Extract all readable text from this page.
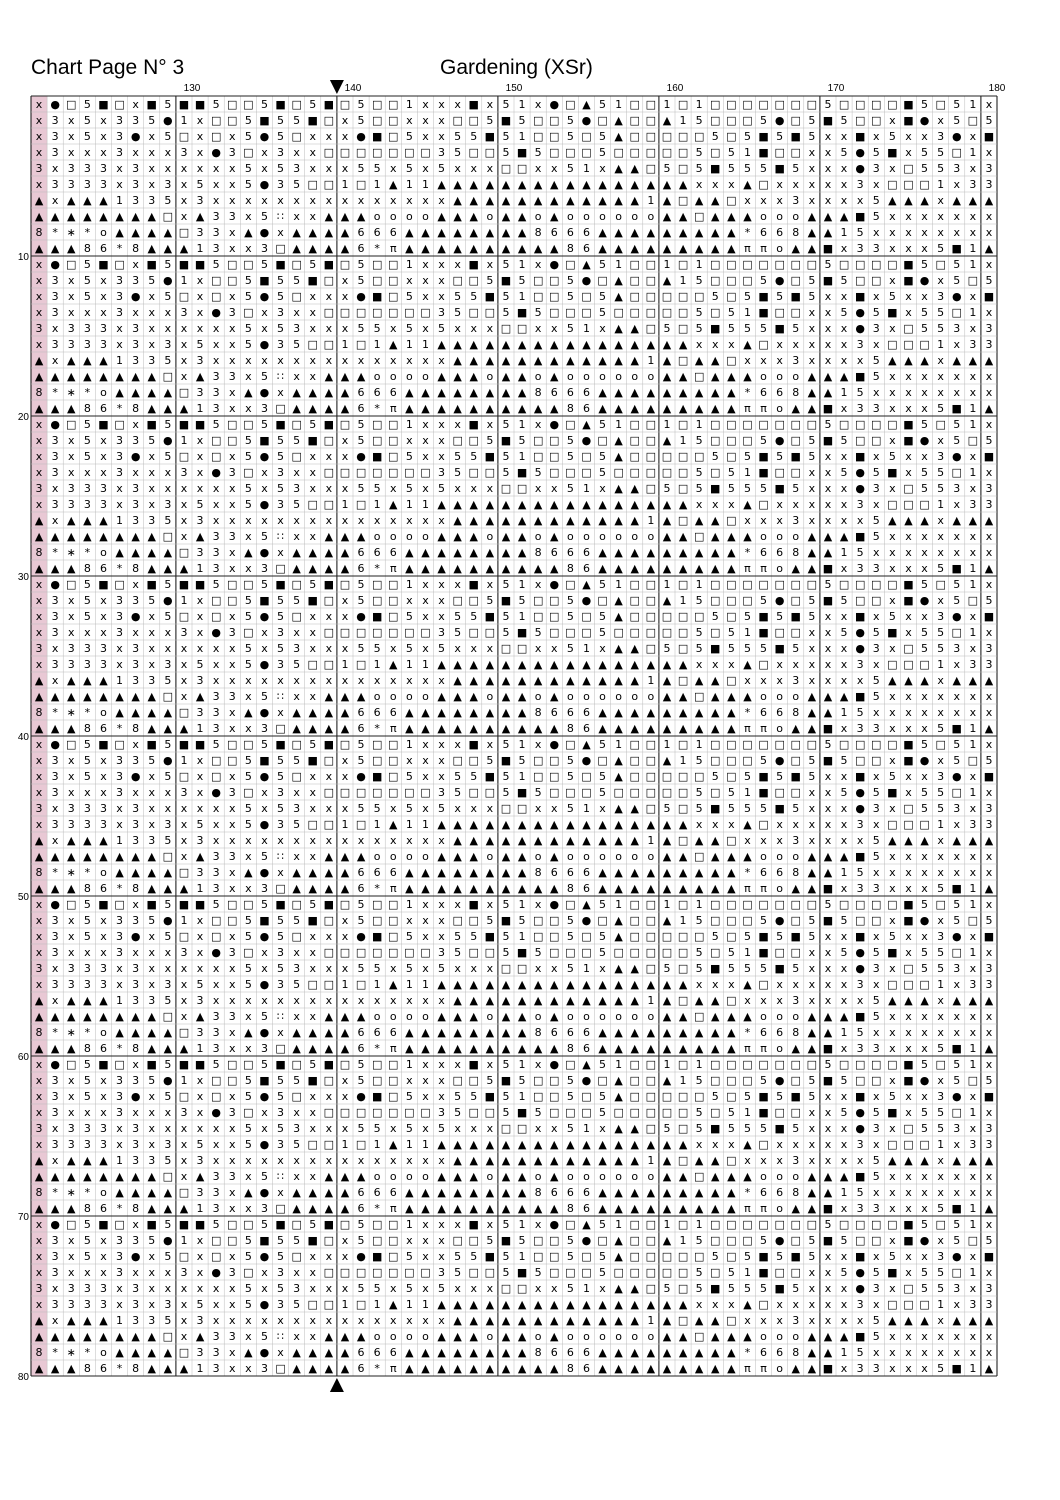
Chart Page N° 3	Gardening (XSr)
x ● □ 5 ■ □ x ■ 5 ■ ■ 5 □ □ 5 ■ □ 5 ■ □ 5 □ □ 1 x x x ■ x 5 1 x ● □ ▲ 5 1 □ □ 1 □ 1 □ □ □ □ □ □ □ 5 □ □ □ □ ■ 5 □ 5 1 x
x 3 x 5 x 3 3 5 ● 1 x □ □ 5 ■ 5 5 ■ □ x 5 □ □ x x x □ □ 5 ■ 5 □ □ 5 ● □ ▲ □ □ ▲ 1 5 □ □ □ 5 ● □ 5 ■ 5 □ □ x ■ ● x 5 □ 5
x 3 x 5 x 3 ● x 5 □ x □ x 5 ● 5 □ x x x ● ■ □ 5 x x 5 5 ■ 5 1 □ □ 5 □ 5 ▲ □ □ □ □ □ 5 □ 5 ■ 5 ■ 5 x x ■ x 5 x x 3 ● x ■
x 3 x x x 3 x x x 3 x ● 3 □ x 3 x x □ □ □ □ □ □ □ 3 5 □ □ 5 ■ 5 □ □ □ 5 □ □ □ □ □ 5 □ 5 1 ■ □ □ x x 5 ● 5 ■ x 5 5 □ 1 x
3 x 3 3 3 x 3 x x x x x x 5 x 5 3 x x x 5 5 x 5 x 5 x x x □ □ x x 5 1 x ▲ ▲ □ 5 □ 5 ■ 5 5 5 ■ 5 x x x ● 3 x □ 5 5 3 x 3
x 3 3 3 3 x 3 x 3 x 5 x x 5 ● 3 5 □ □ 1 □ 1 ▲ 1 1 ▲ ▲ ▲ ▲ ▲ ▲ ▲ ▲ ▲ ▲ ▲ ▲ ▲ ▲ ▲ ▲ x x x ▲ □ x x x x x 3 x □ □ □ 1 x 3 3
▲ x ▲ ▲ ▲ 1 3 3 5 x 3 x x x x x x x x x x x x x x x ▲ ▲ ▲ ▲ ▲ ▲ ▲ ▲ ▲ ▲ ▲ ▲ 1 ▲ □ ▲ ▲ □ x x x 3 x x x x 5 ▲ ▲ ▲ x ▲ ▲ ▲
▲ ▲ ▲ ▲ ▲ ▲ ▲ ▲ □ x ▲ 3 3 x 5 ∷ x x ▲ ▲ ▲ o o o o ▲ ▲ ▲ o ▲ ▲ o ▲ o o o o o o ▲ ▲ □ ▲ ▲ ▲ o o o ▲ ▲ ▲ ■ 5 x x x x x x x
8 * ∗ * o ▲ ▲ ▲ ▲ □ 3 3 x ▲ ● x ▲ ▲ ▲ ▲ 6 6 6 ▲ ▲ ▲ ▲ ▲ ▲ ▲ ▲ 8 6 6 6 ▲ ▲ ▲ ▲ ▲ ▲ ▲ ▲ ▲ * 6 6 8 ▲ ▲ 1 5 x x x x x x x x
▲ ▲ ▲ 8 6 * 8 ▲ ▲ ▲ 1 3 x x 3 □ ▲ ▲ ▲ ▲ 6 * π ▲ ▲ ▲ ▲ ▲ ▲ ▲ ▲ ▲ ▲ 8 6 ▲ ▲ ▲ ▲ ▲ ▲ ▲ ▲ ▲ π π o ▲ ▲ ■ x 3 3 x x x 5 ■ 1 ▲
x ● □ 5 ■ □ x ■ 5 ■ ■ 5 □ □ 5 ■ □ 5 ■ □ 5 □ □ 1 x x x ■ x 5 1 x ● □ ▲ 5 1 □ □ 1 □ 1 □ □ □ □ □ □ □ 5 □ □ □ □ ■ 5 □ 5 1 x
x 3 x 5 x 3 3 5 ● 1 x □ □ 5 ■ 5 5 ■ □ x 5 □ □ x x x □ □ 5 ■ 5 □ □ 5 ● □ ▲ □ □ ▲ 1 5 □ □ □ 5 ● □ 5 ■ 5 □ □ x ■ ● x 5 □ 5
x 3 x 5 x 3 ● x 5 □ x □ x 5 ● 5 □ x x x ● ■ □ 5 x x 5 5 ■ 5 1 □ □ 5 □ 5 ▲ □ □ □ □ □ 5 □ 5 ■ 5 ■ 5 x x ■ x 5 x x 3 ● x ■
x 3 x x x 3 x x x 3 x ● 3 □ x 3 x x □ □ □ □ □ □ □ 3 5 □ □ 5 ■ 5 □ □ □ 5 □ □ □ □ □ 5 □ 5 1 ■ □ □ x x 5 ● 5 ■ x 5 5 □ 1 x
3 x 3 3 3 x 3 x x x x x x 5 x 5 3 x x x 5 5 x 5 x 5 x x x □ □ x x 5 1 x ▲ ▲ □ 5 □ 5 ■ 5 5 5 ■ 5 x x x ● 3 x □ 5 5 3 x 3
x 3 3 3 3 x 3 x 3 x 5 x x 5 ● 3 5 □ □ 1 □ 1 ▲ 1 1 ▲ ▲ ▲ ▲ ▲ ▲ ▲ ▲ ▲ ▲ ▲ ▲ ▲ ▲ ▲ ▲ x x x ▲ □ x x x x x 3 x □ □ □ 1 x 3 3
▲ x ▲ ▲ ▲ 1 3 3 5 x 3 x x x x x x x x x x x x x x x ▲ ▲ ▲ ▲ ▲ ▲ ▲ ▲ ▲ ▲ ▲ ▲ 1 ▲ □ ▲ ▲ □ x x x 3 x x x x 5 ▲ ▲ ▲ x ▲ ▲ ▲
▲ ▲ ▲ ▲ ▲ ▲ ▲ ▲ □ x ▲ 3 3 x 5 ∷ x x ▲ ▲ ▲ o o o o ▲ ▲ ▲ o ▲ ▲ o ▲ o o o o o o ▲ ▲ □ ▲ ▲ ▲ o o o ▲ ▲ ▲ ■ 5 x x x x x x x
8 * ∗ * o ▲ ▲ ▲ ▲ □ 3 3 x ▲ ● x ▲ ▲ ▲ ▲ 6 6 6 ▲ ▲ ▲ ▲ ▲ ▲ ▲ ▲ 8 6 6 6 ▲ ▲ ▲ ▲ ▲ ▲ ▲ ▲ ▲ * 6 6 8 ▲ ▲ 1 5 x x x x x x x x
▲ ▲ ▲ 8 6 * 8 ▲ ▲ ▲ 1 3 x x 3 □ ▲ ▲ ▲ ▲ 6 * π ▲ ▲ ▲ ▲ ▲ ▲ ▲ ▲ ▲ ▲ 8 6 ▲ ▲ ▲ ▲ ▲ ▲ ▲ ▲ ▲ π π o ▲ ▲ ■ x 3 3 x x x 5 ■ 1 ▲
x ● □ 5 ■ □ x ■ 5 ■ ■ 5 □ □ 5 ■ □ 5 ■ □ 5 □ □ 1 x x x ■ x 5 1 x ● □ ▲ 5 1 □ □ 1 □ 1 □ □ □ □ □ □ □ 5 □ □ □ □ ■ 5 □ 5 1 x
x 3 x 5 x 3 3 5 ● 1 x □ □ 5 ■ 5 5 ■ □ x 5 □ □ x x x □ □ 5 ■ 5 □ □ 5 ● □ ▲ □ □ ▲ 1 5 □ □ □ 5 ● □ 5 ■ 5 □ □ x ■ ● x 5 □ 5
x 3 x 5 x 3 ● x 5 □ x □ x 5 ● 5 □ x x x ● ■ □ 5 x x 5 5 ■ 5 1 □ □ 5 □ 5 ▲ □ □ □ □ □ 5 □ 5 ■ 5 ■ 5 x x ■ x 5 x x 3 ● x ■
x 3 x x x 3 x x x 3 x ● 3 □ x 3 x x □ □ □ □ □ □ □ 3 5 □ □ 5 ■ 5 □ □ □ 5 □ □ □ □ □ 5 □ 5 1 ■ □ □ x x 5 ● 5 ■ x 5 5 □ 1 x
3 x 3 3 3 x 3 x x x x x x 5 x 5 3 x x x 5 5 x 5 x 5 x x x □ □ x x 5 1 x ▲ ▲ □ 5 □ 5 ■ 5 5 5 ■ 5 x x x ● 3 x □ 5 5 3 x 3
x 3 3 3 3 x 3 x 3 x 5 x x 5 ● 3 5 □ □ 1 □ 1 ▲ 1 1 ▲ ▲ ▲ ▲ ▲ ▲ ▲ ▲ ▲ ▲ ▲ ▲ ▲ ▲ ▲ ▲ x x x ▲ □ x x x x x 3 x □ □ □ 1 x 3 3
▲ x ▲ ▲ ▲ 1 3 3 5 x 3 x x x x x x x x x x x x x x x ▲ ▲ ▲ ▲ ▲ ▲ ▲ ▲ ▲ ▲ ▲ ▲ 1 ▲ □ ▲ ▲ □ x x x 3 x x x x 5 ▲ ▲ ▲ x ▲ ▲ ▲
▲ ▲ ▲ ▲ ▲ ▲ ▲ ▲ □ x ▲ 3 3 x 5 ∷ x x ▲ ▲ ▲ o o o o ▲ ▲ ▲ o ▲ ▲ o ▲ o o o o o o ▲ ▲ □ ▲ ▲ ▲ o o o ▲ ▲ ▲ ■ 5 x x x x x x x
8 * ∗ * o ▲ ▲ ▲ ▲ □ 3 3 x ▲ ● x ▲ ▲ ▲ ▲ 6 6 6 ▲ ▲ ▲ ▲ ▲ ▲ ▲ ▲ 8 6 6 6 ▲ ▲ ▲ ▲ ▲ ▲ ▲ ▲ ▲ * 6 6 8 ▲ ▲ 1 5 x x x x x x x x
▲ ▲ ▲ 8 6 * 8 ▲ ▲ ▲ 1 3 x x 3 □ ▲ ▲ ▲ ▲ 6 * π ▲ ▲ ▲ ▲ ▲ ▲ ▲ ▲ ▲ ▲ 8 6 ▲ ▲ ▲ ▲ ▲ ▲ ▲ ▲ ▲ π π o ▲ ▲ ■ x 3 3 x x x 5 ■ 1 ▲
x ● □ 5 ■ □ x ■ 5 ■ ■ 5 □ □ 5 ■ □ 5 ■ □ 5 □ □ 1 x x x ■ x 5 1 x ● □ ▲ 5 1 □ □ 1 □ 1 □ □ □ □ □ □ □ 5 □ □ □ □ ■ 5 □ 5 1 x
x 3 x 5 x 3 3 5 ● 1 x □ □ 5 ■ 5 5 ■ □ x 5 □ □ x x x □ □ 5 ■ 5 □ □ 5 ● □ ▲ □ □ ▲ 1 5 □ □ □ 5 ● □ 5 ■ 5 □ □ x ■ ● x 5 □ 5
x 3 x 5 x 3 ● x 5 □ x □ x 5 ● 5 □ x x x ● ■ □ 5 x x 5 5 ■ 5 1 □ □ 5 □ 5 ▲ □ □ □ □ □ 5 □ 5 ■ 5 ■ 5 x x ■ x 5 x x 3 ● x ■
x 3 x x x 3 x x x 3 x ● 3 □ x 3 x x □ □ □ □ □ □ □ 3 5 □ □ 5 ■ 5 □ □ □ 5 □ □ □ □ □ 5 □ 5 1 ■ □ □ x x 5 ● 5 ■ x 5 5 □ 1 x
3 x 3 3 3 x 3 x x x x x x 5 x 5 3 x x x 5 5 x 5 x 5 x x x □ □ x x 5 1 x ▲ ▲ □ 5 □ 5 ■ 5 5 5 ■ 5 x x x ● 3 x □ 5 5 3 x 3
x 3 3 3 3 x 3 x 3 x 5 x x 5 ● 3 5 □ □ 1 □ 1 ▲ 1 1 ▲ ▲ ▲ ▲ ▲ ▲ ▲ ▲ ▲ ▲ ▲ ▲ ▲ ▲ ▲ ▲ x x x ▲ □ x x x x x 3 x □ □ □ 1 x 3 3
▲ x ▲ ▲ ▲ 1 3 3 5 x 3 x x x x x x x x x x x x x x x ▲ ▲ ▲ ▲ ▲ ▲ ▲ ▲ ▲ ▲ ▲ ▲ 1 ▲ □ ▲ ▲ □ x x x 3 x x x x 5 ▲ ▲ ▲ x ▲ ▲ ▲
▲ ▲ ▲ ▲ ▲ ▲ ▲ ▲ □ x ▲ 3 3 x 5 ∷ x x ▲ ▲ ▲ o o o o ▲ ▲ ▲ o ▲ ▲ o ▲ o o o o o o ▲ ▲ □ ▲ ▲ ▲ o o o ▲ ▲ ▲ ■ 5 x x x x x x x
8 * ∗ * o ▲ ▲ ▲ ▲ □ 3 3 x ▲ ● x ▲ ▲ ▲ ▲ 6 6 6 ▲ ▲ ▲ ▲ ▲ ▲ ▲ ▲ 8 6 6 6 ▲ ▲ ▲ ▲ ▲ ▲ ▲ ▲ ▲ * 6 6 8 ▲ ▲ 1 5 x x x x x x x x
▲ ▲ ▲ 8 6 * 8 ▲ ▲ ▲ 1 3 x x 3 □ ▲ ▲ ▲ ▲ 6 * π ▲ ▲ ▲ ▲ ▲ ▲ ▲ ▲ ▲ ▲ 8 6 ▲ ▲ ▲ ▲ ▲ ▲ ▲ ▲ ▲ π π o ▲ ▲ ■ x 3 3 x x x 5 ■ 1 ▲
x ● □ 5 ■ □ x ■ 5 ■ ■ 5 □ □ 5 ■ □ 5 ■ □ 5 □ □ 1 x x x ■ x 5 1 x ● □ ▲ 5 1 □ □ 1 □ 1 □ □ □ □ □ □ □ 5 □ □ □ □ ■ 5 □ 5 1 x
x 3 x 5 x 3 3 5 ● 1 x □ □ 5 ■ 5 5 ■ □ x 5 □ □ x x x □ □ 5 ■ 5 □ □ 5 ● □ ▲ □ □ ▲ 1 5 □ □ □ 5 ● □ 5 ■ 5 □ □ x ■ ● x 5 □ 5
x 3 x 5 x 3 ● x 5 □ x □ x 5 ● 5 □ x x x ● ■ □ 5 x x 5 5 ■ 5 1 □ □ 5 □ 5 ▲ □ □ □ □ □ 5 □ 5 ■ 5 ■ 5 x x ■ x 5 x x 3 ● x ■
x 3 x x x 3 x x x 3 x ● 3 □ x 3 x x □ □ □ □ □ □ □ 3 5 □ □ 5 ■ 5 □ □ □ 5 □ □ □ □ □ 5 □ 5 1 ■ □ □ x x 5 ● 5 ■ x 5 5 □ 1 x
3 x 3 3 3 x 3 x x x x x x 5 x 5 3 x x x 5 5 x 5 x 5 x x x □ □ x x 5 1 x ▲ ▲ □ 5 □ 5 ■ 5 5 5 ■ 5 x x x ● 3 x □ 5 5 3 x 3
x 3 3 3 3 x 3 x 3 x 5 x x 5 ● 3 5 □ □ 1 □ 1 ▲ 1 1 ▲ ▲ ▲ ▲ ▲ ▲ ▲ ▲ ▲ ▲ ▲ ▲ ▲ ▲ ▲ ▲ x x x ▲ □ x x x x x 3 x □ □ □ 1 x 3 3
▲ x ▲ ▲ ▲ 1 3 3 5 x 3 x x x x x x x x x x x x x x x ▲ ▲ ▲ ▲ ▲ ▲ ▲ ▲ ▲ ▲ ▲ ▲ 1 ▲ □ ▲ ▲ □ x x x 3 x x x x 5 ▲ ▲ ▲ x ▲ ▲ ▲
▲ ▲ ▲ ▲ ▲ ▲ ▲ ▲ □ x ▲ 3 3 x 5 ∷ x x ▲ ▲ ▲ o o o o ▲ ▲ ▲ o ▲ ▲ o ▲ o o o o o o ▲ ▲ □ ▲ ▲ ▲ o o o ▲ ▲ ▲ ■ 5 x x x x x x x
8 * ∗ * o ▲ ▲ ▲ ▲ □ 3 3 x ▲ ● x ▲ ▲ ▲ ▲ 6 6 6 ▲ ▲ ▲ ▲ ▲ ▲ ▲ ▲ 8 6 6 6 ▲ ▲ ▲ ▲ ▲ ▲ ▲ ▲ ▲ * 6 6 8 ▲ ▲ 1 5 x x x x x x x x
▲ ▲ ▲ 8 6 * 8 ▲ ▲ ▲ 1 3 x x 3 □ ▲ ▲ ▲ ▲ 6 * π ▲ ▲ ▲ ▲ ▲ ▲ ▲ ▲ ▲ ▲ 8 6 ▲ ▲ ▲ ▲ ▲ ▲ ▲ ▲ ▲ π π o ▲ ▲ ■ x 3 3 x x x 5 ■ 1 ▲
x ● □ 5 ■ □ x ■ 5 ■ ■ 5 □ □ 5 ■ □ 5 ■ □ 5 □ □ 1 x x x ■ x 5 1 x ● □ ▲ 5 1 □ □ 1 □ 1 □ □ □ □ □ □ □ 5 □ □ □ □ ■ 5 □ 5 1 x
x 3 x 5 x 3 3 5 ● 1 x □ □ 5 ■ 5 5 ■ □ x 5 □ □ x x x □ □ 5 ■ 5 □ □ 5 ● □ ▲ □ □ ▲ 1 5 □ □ □ 5 ● □ 5 ■ 5 □ □ x ■ ● x 5 □ 5
x 3 x 5 x 3 ● x 5 □ x □ x 5 ● 5 □ x x x ● ■ □ 5 x x 5 5 ■ 5 1 □ □ 5 □ 5 ▲ □ □ □ □ □ 5 □ 5 ■ 5 ■ 5 x x ■ x 5 x x 3 ● x ■
x 3 x x x 3 x x x 3 x ● 3 □ x 3 x x □ □ □ □ □ □ □ 3 5 □ □ 5 ■ 5 □ □ □ 5 □ □ □ □ □ 5 □ 5 1 ■ □ □ x x 5 ● 5 ■ x 5 5 □ 1 x
3 x 3 3 3 x 3 x x x x x x 5 x 5 3 x x x 5 5 x 5 x 5 x x x □ □ x x 5 1 x ▲ ▲ □ 5 □ 5 ■ 5 5 5 ■ 5 x x x ● 3 x □ 5 5 3 x 3
x 3 3 3 3 x 3 x 3 x 5 x x 5 ● 3 5 □ □ 1 □ 1 ▲ 1 1 ▲ ▲ ▲ ▲ ▲ ▲ ▲ ▲ ▲ ▲ ▲ ▲ ▲ ▲ ▲ ▲ x x x ▲ □ x x x x x 3 x □ □ □ 1 x 3 3
▲ x ▲ ▲ ▲ 1 3 3 5 x 3 x x x x x x x x x x x x x x x ▲ ▲ ▲ ▲ ▲ ▲ ▲ ▲ ▲ ▲ ▲ ▲ 1 ▲ □ ▲ ▲ □ x x x 3 x x x x 5 ▲ ▲ ▲ x ▲ ▲ ▲
▲ ▲ ▲ ▲ ▲ ▲ ▲ ▲ □ x ▲ 3 3 x 5 ∷ x x ▲ ▲ ▲ o o o o ▲ ▲ ▲ o ▲ ▲ o ▲ o o o o o o ▲ ▲ □ ▲ ▲ ▲ o o o ▲ ▲ ▲ ■ 5 x x x x x x x
8 * ∗ * o ▲ ▲ ▲ ▲ □ 3 3 x ▲ ● x ▲ ▲ ▲ ▲ 6 6 6 ▲ ▲ ▲ ▲ ▲ ▲ ▲ ▲ 8 6 6 6 ▲ ▲ ▲ ▲ ▲ ▲ ▲ ▲ ▲ * 6 6 8 ▲ ▲ 1 5 x x x x x x x x
▲ ▲ ▲ 8 6 * 8 ▲ ▲ ▲ 1 3 x x 3 □ ▲ ▲ ▲ ▲ 6 * π ▲ ▲ ▲ ▲ ▲ ▲ ▲ ▲ ▲ ▲ 8 6 ▲ ▲ ▲ ▲ ▲ ▲ ▲ ▲ ▲ π π o ▲ ▲ ■ x 3 3 x x x 5 ■ 1 ▲
x ● □ 5 ■ □ x ■ 5 ■ ■ 5 □ □ 5 ■ □ 5 ■ □ 5 □ □ 1 x x x ■ x 5 1 x ● □ ▲ 5 1 □ □ 1 □ 1 □ □ □ □ □ □ □ 5 □ □ □ □ ■ 5 □ 5 1 x
x 3 x 5 x 3 3 5 ● 1 x □ □ 5 ■ 5 5 ■ □ x 5 □ □ x x x □ □ 5 ■ 5 □ □ 5 ● □ ▲ □ □ ▲ 1 5 □ □ □ 5 ● □ 5 ■ 5 □ □ x ■ ● x 5 □ 5
x 3 x 5 x 3 ● x 5 □ x □ x 5 ● 5 □ x x x ● ■ □ 5 x x 5 5 ■ 5 1 □ □ 5 □ 5 ▲ □ □ □ □ □ 5 □ 5 ■ 5 ■ 5 x x ■ x 5 x x 3 ● x ■
x 3 x x x 3 x x x 3 x ● 3 □ x 3 x x □ □ □ □ □ □ □ 3 5 □ □ 5 ■ 5 □ □ □ 5 □ □ □ □ □ 5 □ 5 1 ■ □ □ x x 5 ● 5 ■ x 5 5 □ 1 x
3 x 3 3 3 x 3 x x x x x x 5 x 5 3 x x x 5 5 x 5 x 5 x x x □ □ x x 5 1 x ▲ ▲ □ 5 □ 5 ■ 5 5 5 ■ 5 x x x ● 3 x □ 5 5 3 x 3
x 3 3 3 3 x 3 x 3 x 5 x x 5 ● 3 5 □ □ 1 □ 1 ▲ 1 1 ▲ ▲ ▲ ▲ ▲ ▲ ▲ ▲ ▲ ▲ ▲ ▲ ▲ ▲ ▲ ▲ x x x ▲ □ x x x x x 3 x □ □ □ 1 x 3 3
▲ x ▲ ▲ ▲ 1 3 3 5 x 3 x x x x x x x x x x x x x x x ▲ ▲ ▲ ▲ ▲ ▲ ▲ ▲ ▲ ▲ ▲ ▲ 1 ▲ □ ▲ ▲ □ x x x 3 x x x x 5 ▲ ▲ ▲ x ▲ ▲ ▲
▲ ▲ ▲ ▲ ▲ ▲ ▲ ▲ □ x ▲ 3 3 x 5 ∷ x x ▲ ▲ ▲ o o o o ▲ ▲ ▲ o ▲ ▲ o ▲ o o o o o o ▲ ▲ □ ▲ ▲ ▲ o o o ▲ ▲ ▲ ■ 5 x x x x x x x
8 * ∗ * o ▲ ▲ ▲ ▲ □ 3 3 x ▲ ● x ▲ ▲ ▲ ▲ 6 6 6 ▲ ▲ ▲ ▲ ▲ ▲ ▲ ▲ 8 6 6 6 ▲ ▲ ▲ ▲ ▲ ▲ ▲ ▲ ▲ * 6 6 8 ▲ ▲ 1 5 x x x x x x x x
▲ ▲ ▲ 8 6 * 8 ▲ ▲ ▲ 1 3 x x 3 □ ▲ ▲ ▲ ▲ 6 * π ▲ ▲ ▲ ▲ ▲ ▲ ▲ ▲ ▲ ▲ 8 6 ▲ ▲ ▲ ▲ ▲ ▲ ▲ ▲ ▲ π π o ▲ ▲ ■ x 3 3 x x x 5 ■ 1 ▲
x ● □ 5 ■ □ x ■ 5 ■ ■ 5 □ □ 5 ■ □ 5 ■ □ 5 □ □ 1 x x x ■ x 5 1 x ● □ ▲ 5 1 □ □ 1 □ 1 □ □ □ □ □ □ □ 5 □ □ □ □ ■ 5 □ 5 1 x
x 3 x 5 x 3 3 5 ● 1 x □ □ 5 ■ 5 5 ■ □ x 5 □ □ x x x □ □ 5 ■ 5 □ □ 5 ● □ ▲ □ □ ▲ 1 5 □ □ □ 5 ● □ 5 ■ 5 □ □ x ■ ● x 5 □ 5
x 3 x 5 x 3 ● x 5 □ x □ x 5 ● 5 □ x x x ● ■ □ 5 x x 5 5 ■ 5 1 □ □ 5 □ 5 ▲ □ □ □ □ □ 5 □ 5 ■ 5 ■ 5 x x ■ x 5 x x 3 ● x ■
x 3 x x x 3 x x x 3 x ● 3 □ x 3 x x □ □ □ □ □ □ □ 3 5 □ □ 5 ■ 5 □ □ □ 5 □ □ □ □ □ 5 □ 5 1 ■ □ □ x x 5 ● 5 ■ x 5 5 □ 1 x
3 x 3 3 3 x 3 x x x x x x 5 x 5 3 x x x 5 5 x 5 x 5 x x x □ □ x x 5 1 x ▲ ▲ □ 5 □ 5 ■ 5 5 5 ■ 5 x x x ● 3 x □ 5 5 3 x 3
x 3 3 3 3 x 3 x 3 x 5 x x 5 ● 3 5 □ □ 1 □ 1 ▲ 1 1 ▲ ▲ ▲ ▲ ▲ ▲ ▲ ▲ ▲ ▲ ▲ ▲ ▲ ▲ ▲ ▲ x x x ▲ □ x x x x x 3 x □ □ □ 1 x 3 3
▲ x ▲ ▲ ▲ 1 3 3 5 x 3 x x x x x x x x x x x x x x x ▲ ▲ ▲ ▲ ▲ ▲ ▲ ▲ ▲ ▲ ▲ ▲ 1 ▲ □ ▲ ▲ □ x x x 3 x x x x 5 ▲ ▲ ▲ x ▲ ▲ ▲
▲ ▲ ▲ ▲ ▲ ▲ ▲ ▲ □ x ▲ 3 3 x 5 ∷ x x ▲ ▲ ▲ o o o o ▲ ▲ ▲ o ▲ ▲ o ▲ o o o o o o ▲ ▲ □ ▲ ▲ ▲ o o o ▲ ▲ ▲ ■ 5 x x x x x x x
8 * ∗ * o ▲ ▲ ▲ ▲ □ 3 3 x ▲ ● x ▲ ▲ ▲ ▲ 6 6 6 ▲ ▲ ▲ ▲ ▲ ▲ ▲ ▲ 8 6 6 6 ▲ ▲ ▲ ▲ ▲ ▲ ▲ ▲ ▲ * 6 6 8 ▲ ▲ 1 5 x x x x x x x x
▲ ▲ ▲ 8 6 * 8 ▲ ▲ ▲ 1 3 x x 3 □ ▲ ▲ ▲ ▲ 6 * π ▲ ▲ ▲ ▲ ▲ ▲ ▲ ▲ ▲ ▲ 8 6 ▲ ▲ ▲ ▲ ▲ ▲ ▲ ▲ ▲ π π o ▲ ▲ ■ x 3 3 x x x 5 ■ 1 ▲
130	140	150	160	170	180
10
20
30
40
50
60
70
80
